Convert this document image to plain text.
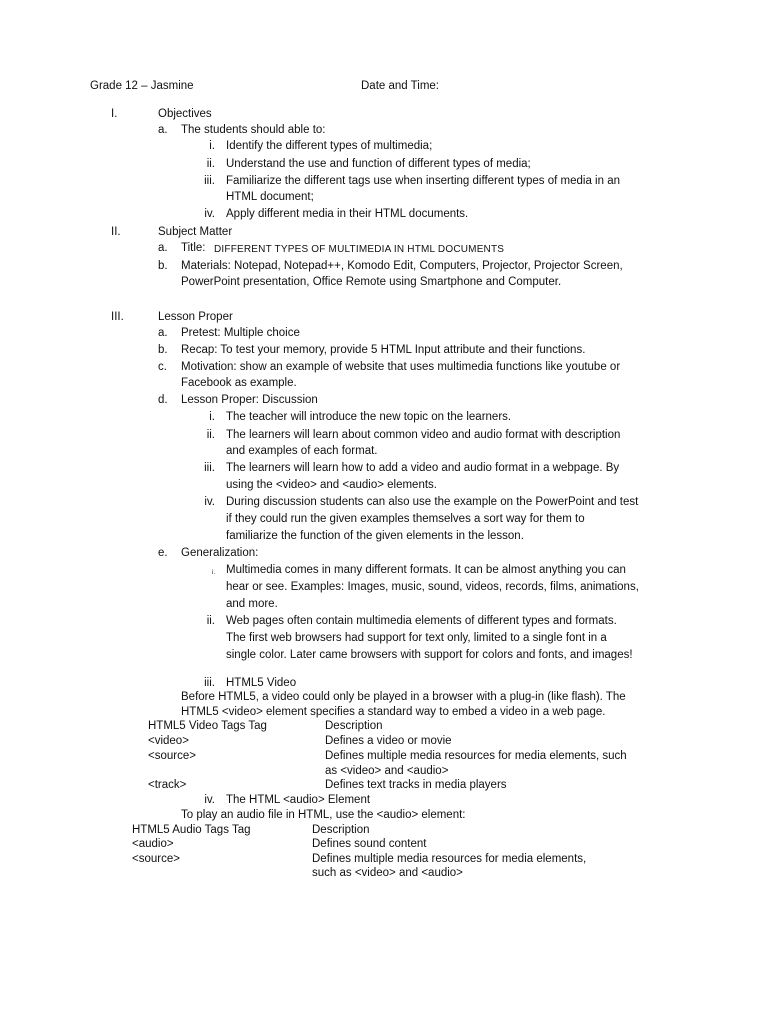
Grade 12 – Jasmine	Date and Time:
I.	Objectives
a. The students should able to:
i. Identify the different types of multimedia;
ii. Understand the use and function of different types of media;
iii. Familiarize the different tags use when inserting different types of media in an
HTML document;
iv. Apply different media in their HTML documents.
II.	Subject Matter
a. Title: DIFFERENT TYPES OF MULTIMEDIA IN HTML DOCUMENTS
b. Materials: Notepad, Notepad++, Komodo Edit, Computers, Projector, Projector Screen,
PowerPoint presentation, Office Remote using Smartphone and Computer.
III.	Lesson Proper
a. Pretest: Multiple choice
b. Recap: To test your memory, provide 5 HTML Input attribute and their functions.
c. Motivation: show an example of website that uses multimedia functions like youtube or
Facebook as example.
d. Lesson Proper: Discussion
i. The teacher will introduce the new topic on the learners.
ii. The learners will learn about common video and audio format with description
and examples of each format.
iii. The learners will learn how to add a video and audio format in a webpage. By
using the <video> and <audio> elements.
iv. During discussion students can also use the example on the PowerPoint and test
if they could run the given examples themselves a sort way for them to
familiarize the function of the given elements in the lesson.
e. Generalization:
i. Multimedia comes in many different formats. It can be almost anything you can
hear or see. Examples: Images, music, sound, videos, records, films, animations,
and more.
ii. Web pages often contain multimedia elements of different types and formats.
The first web browsers had support for text only, limited to a single font in a
single color. Later came browsers with support for colors and fonts, and images!
iii. HTML5 Video
Before HTML5, a video could only be played in a browser with a plug-in (like flash). The
HTML5 <video> element specifies a standard way to embed a video in a web page.
HTML5 Video Tags Tag	Description
<video>	Defines a video or movie
<source>	Defines multiple media resources for media elements, such
as <video> and <audio>
<track>	Defines text tracks in media players
iv. The HTML <audio> Element
To play an audio file in HTML, use the <audio> element:
HTML5 Audio Tags Tag	Description
<audio>	Defines sound content
<source>	Defines multiple media resources for media elements,
such as <video> and <audio>
